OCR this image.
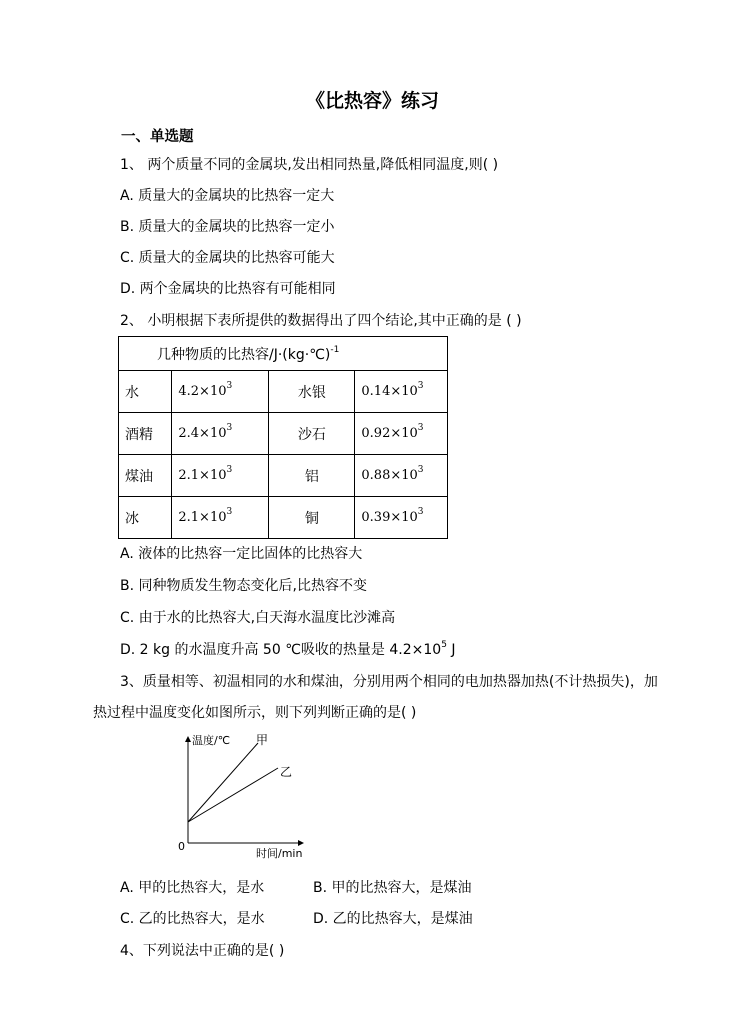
《比热容》练习
一、单选题
1、 两个质量不同的金属块,发出相同热量,降低相同温度,则( )
A. 质量大的金属块的比热容一定大
B. 质量大的金属块的比热容一定小
C. 质量大的金属块的比热容可能大
D. 两个金属块的比热容有可能相同
2、 小明根据下表所提供的数据得出了四个结论,其中正确的是 ( )
几种物质的比热容/J·(kg·℃)$^{-1}$
水	$4.2\times 10^3$	水银	$0.14\times 10^3$
酒精	$2.4\times 10^3$	沙石	$0.92\times 10^3$
煤油	$2.1\times 10^3$	铝	$0.88\times 10^3$
冰	$2.1\times 10^3$	铜	$0.39\times 10^3$
A. 液体的比热容一定比固体的比热容大
B. 同种物质发生物态变化后,比热容不变
C. 由于水的比热容大,白天海水温度比沙滩高
D. 2 kg 的水温度升高 50 ℃吸收的热量是 $4.2\times 10^5$ J
3、质量相等、初温相同的水和煤油，分别用两个相同的电加热器加热(不计热损失)，加
热过程中温度变化如图所示，则下列判断正确的是( )
温度/℃ 甲
乙
0
时间/min
A. 甲的比热容大，是水	B. 甲的比热容大，是煤油
C. 乙的比热容大，是水	D. 乙的比热容大，是煤油
4、下列说法中正确的是( )
